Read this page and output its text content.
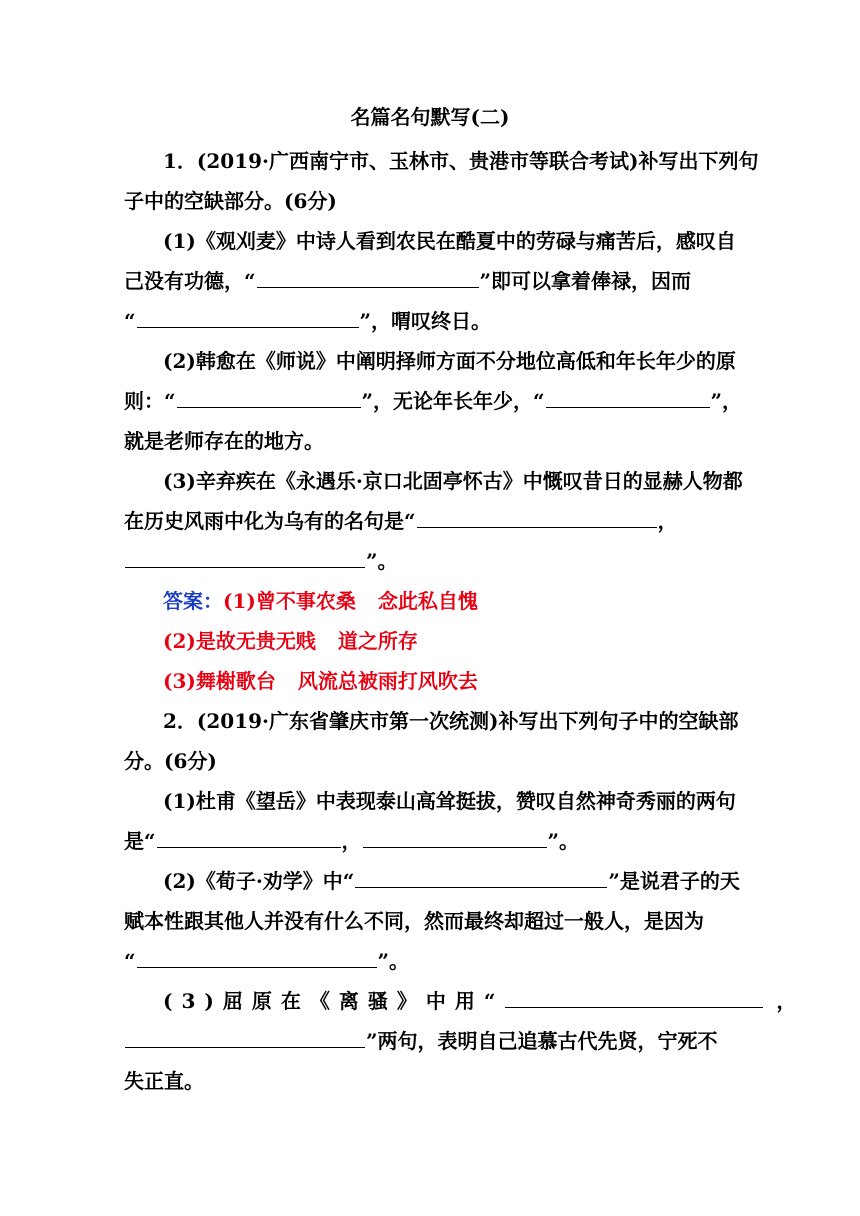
名篇名句默写(二)
1．(2019·广西南宁市、玉林市、贵港市等联合考试)补写出下列句
子中的空缺部分。(6分)
(1)《观刈麦》中诗人看到农民在酷夏中的劳碌与痛苦后，感叹自
己没有功德，“	”即可以拿着俸禄，因而
“	”，喟叹终日。
(2)韩愈在《师说》中阐明择师方面不分地位高低和年长年少的原
则：“	”，无论年长年少，“	”，
就是老师存在的地方。
(3)辛弃疾在《永遇乐·京口北固亭怀古》中慨叹昔日的显赫人物都
在历史风雨中化为乌有的名句是“	，
”。
答案：(1)曾不事农桑 念此私自愧
(2)是故无贵无贱 道之所存
(3)舞榭歌台 风流总被雨打风吹去
2．(2019·广东省肇庆市第一次统测)补写出下列句子中的空缺部
分。(6分)
(1)杜甫《望岳》中表现泰山高耸挺拔，赞叹自然神奇秀丽的两句
是“	，	”。
(2)《荀子·劝学》中“	”是说君子的天
赋本性跟其他人并没有什么不同，然而最终却超过一般人，是因为
“	”。
(3)屈原在《离骚》中用“	，
”两句，表明自己追慕古代先贤，宁死不
失正直。
